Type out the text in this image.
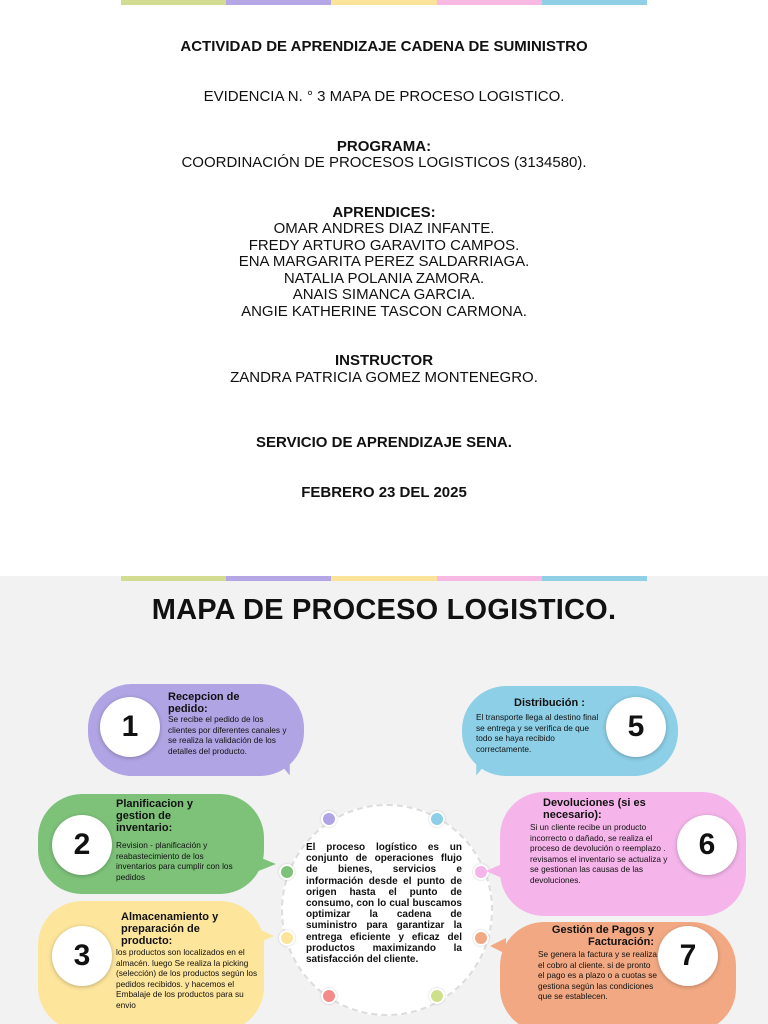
ACTIVIDAD DE APRENDIZAJE CADENA DE SUMINISTRO
EVIDENCIA N. ° 3 MAPA DE PROCESO LOGISTICO.
PROGRAMA:
COORDINACIÓN DE PROCESOS LOGISTICOS (3134580).
APRENDICES:
OMAR ANDRES DIAZ INFANTE.
FREDY ARTURO GARAVITO CAMPOS.
ENA MARGARITA PEREZ SALDARRIAGA.
NATALIA POLANIA ZAMORA.
ANAIS SIMANCA GARCIA.
ANGIE KATHERINE TASCON CARMONA.
INSTRUCTOR
ZANDRA PATRICIA GOMEZ MONTENEGRO.
SERVICIO DE APRENDIZAJE SENA.
FEBRERO 23 DEL 2025
MAPA DE PROCESO LOGISTICO.
El proceso logístico es un conjunto de operaciones flujo de bienes, servicios e información desde el punto de origen hasta el punto de consumo, con lo cual buscamos optimizar la cadena de suministro para garantizar la entrega eficiente y eficaz del productos maximizando la satisfacción del cliente.
1
Recepcion de pedido:
Se recibe el pedido de los clientes por diferentes canales y se realiza la validación de los detalles del producto.
2
Planificacion y gestion de inventario:
Revision - planificación y reabastecimiento de los inventarios para cumplir con los pedidos
3
Almacenamiento y preparación de producto:
los productos son localizados en el almacén. luego Se realiza la picking (selección) de los productos según los pedidos recibidos. y hacemos el Embalaje de los productos para su envio
5
Distribución :
El transporte llega al destino final se entrega y se verifica de que todo se haya recibido correctamente.
6
Devoluciones (si es necesario):
Si un cliente recibe un producto incorrecto o dañado, se realiza el proceso de devolución o reemplazo . revisamos el inventario se actualiza y se gestionan las causas de las devoluciones.
7
Gestión de Pagos y Facturación:
Se genera la factura y se realiza el cobro al cliente. si de pronto el pago es a plazo o a cuotas se gestiona según las condiciones que se establecen.
